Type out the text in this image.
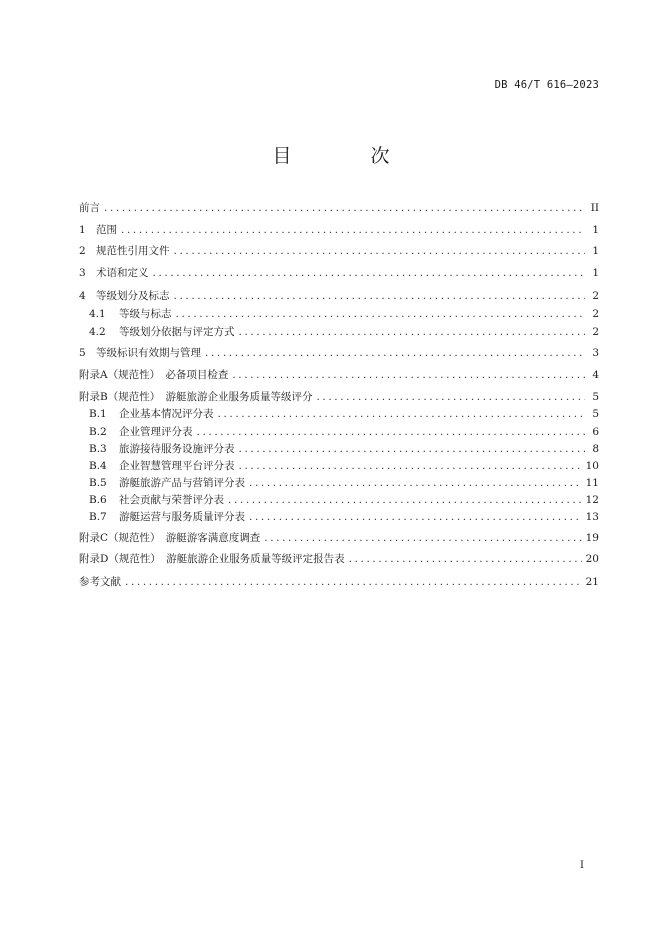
DB 46/T 616—2023
目　次
前言 .....	II
1 范围 .....	1
2 规范性引用文件 .....	1
3 术语和定义 .....	1
4 等级划分及标志 .....	2
4.1	等级与标志 .....	2
4.2	等级划分依据与评定方式 .....	2
5 等级标识有效期与管理 .....	3
附录A（规范性）　必备项目检查 .....	4
附录B（规范性）　游艇旅游企业服务质量等级评分 .....	5
B.1	企业基本情况评分表 .....	5
B.2	企业管理评分表 .....	6
B.3	旅游接待服务设施评分表 .....	8
B.4	企业智慧管理平台评分表 .....	10
B.5	游艇旅游产品与营销评分表 .....	11
B.6	社会贡献与荣誉评分表 .....	12
B.7	游艇运营与服务质量评分表 .....	13
附录C（规范性）　游艇游客满意度调查 .....	19
附录D（规范性）　游艇旅游企业服务质量等级评定报告表 .....	20
参考文献 .....	21
I
